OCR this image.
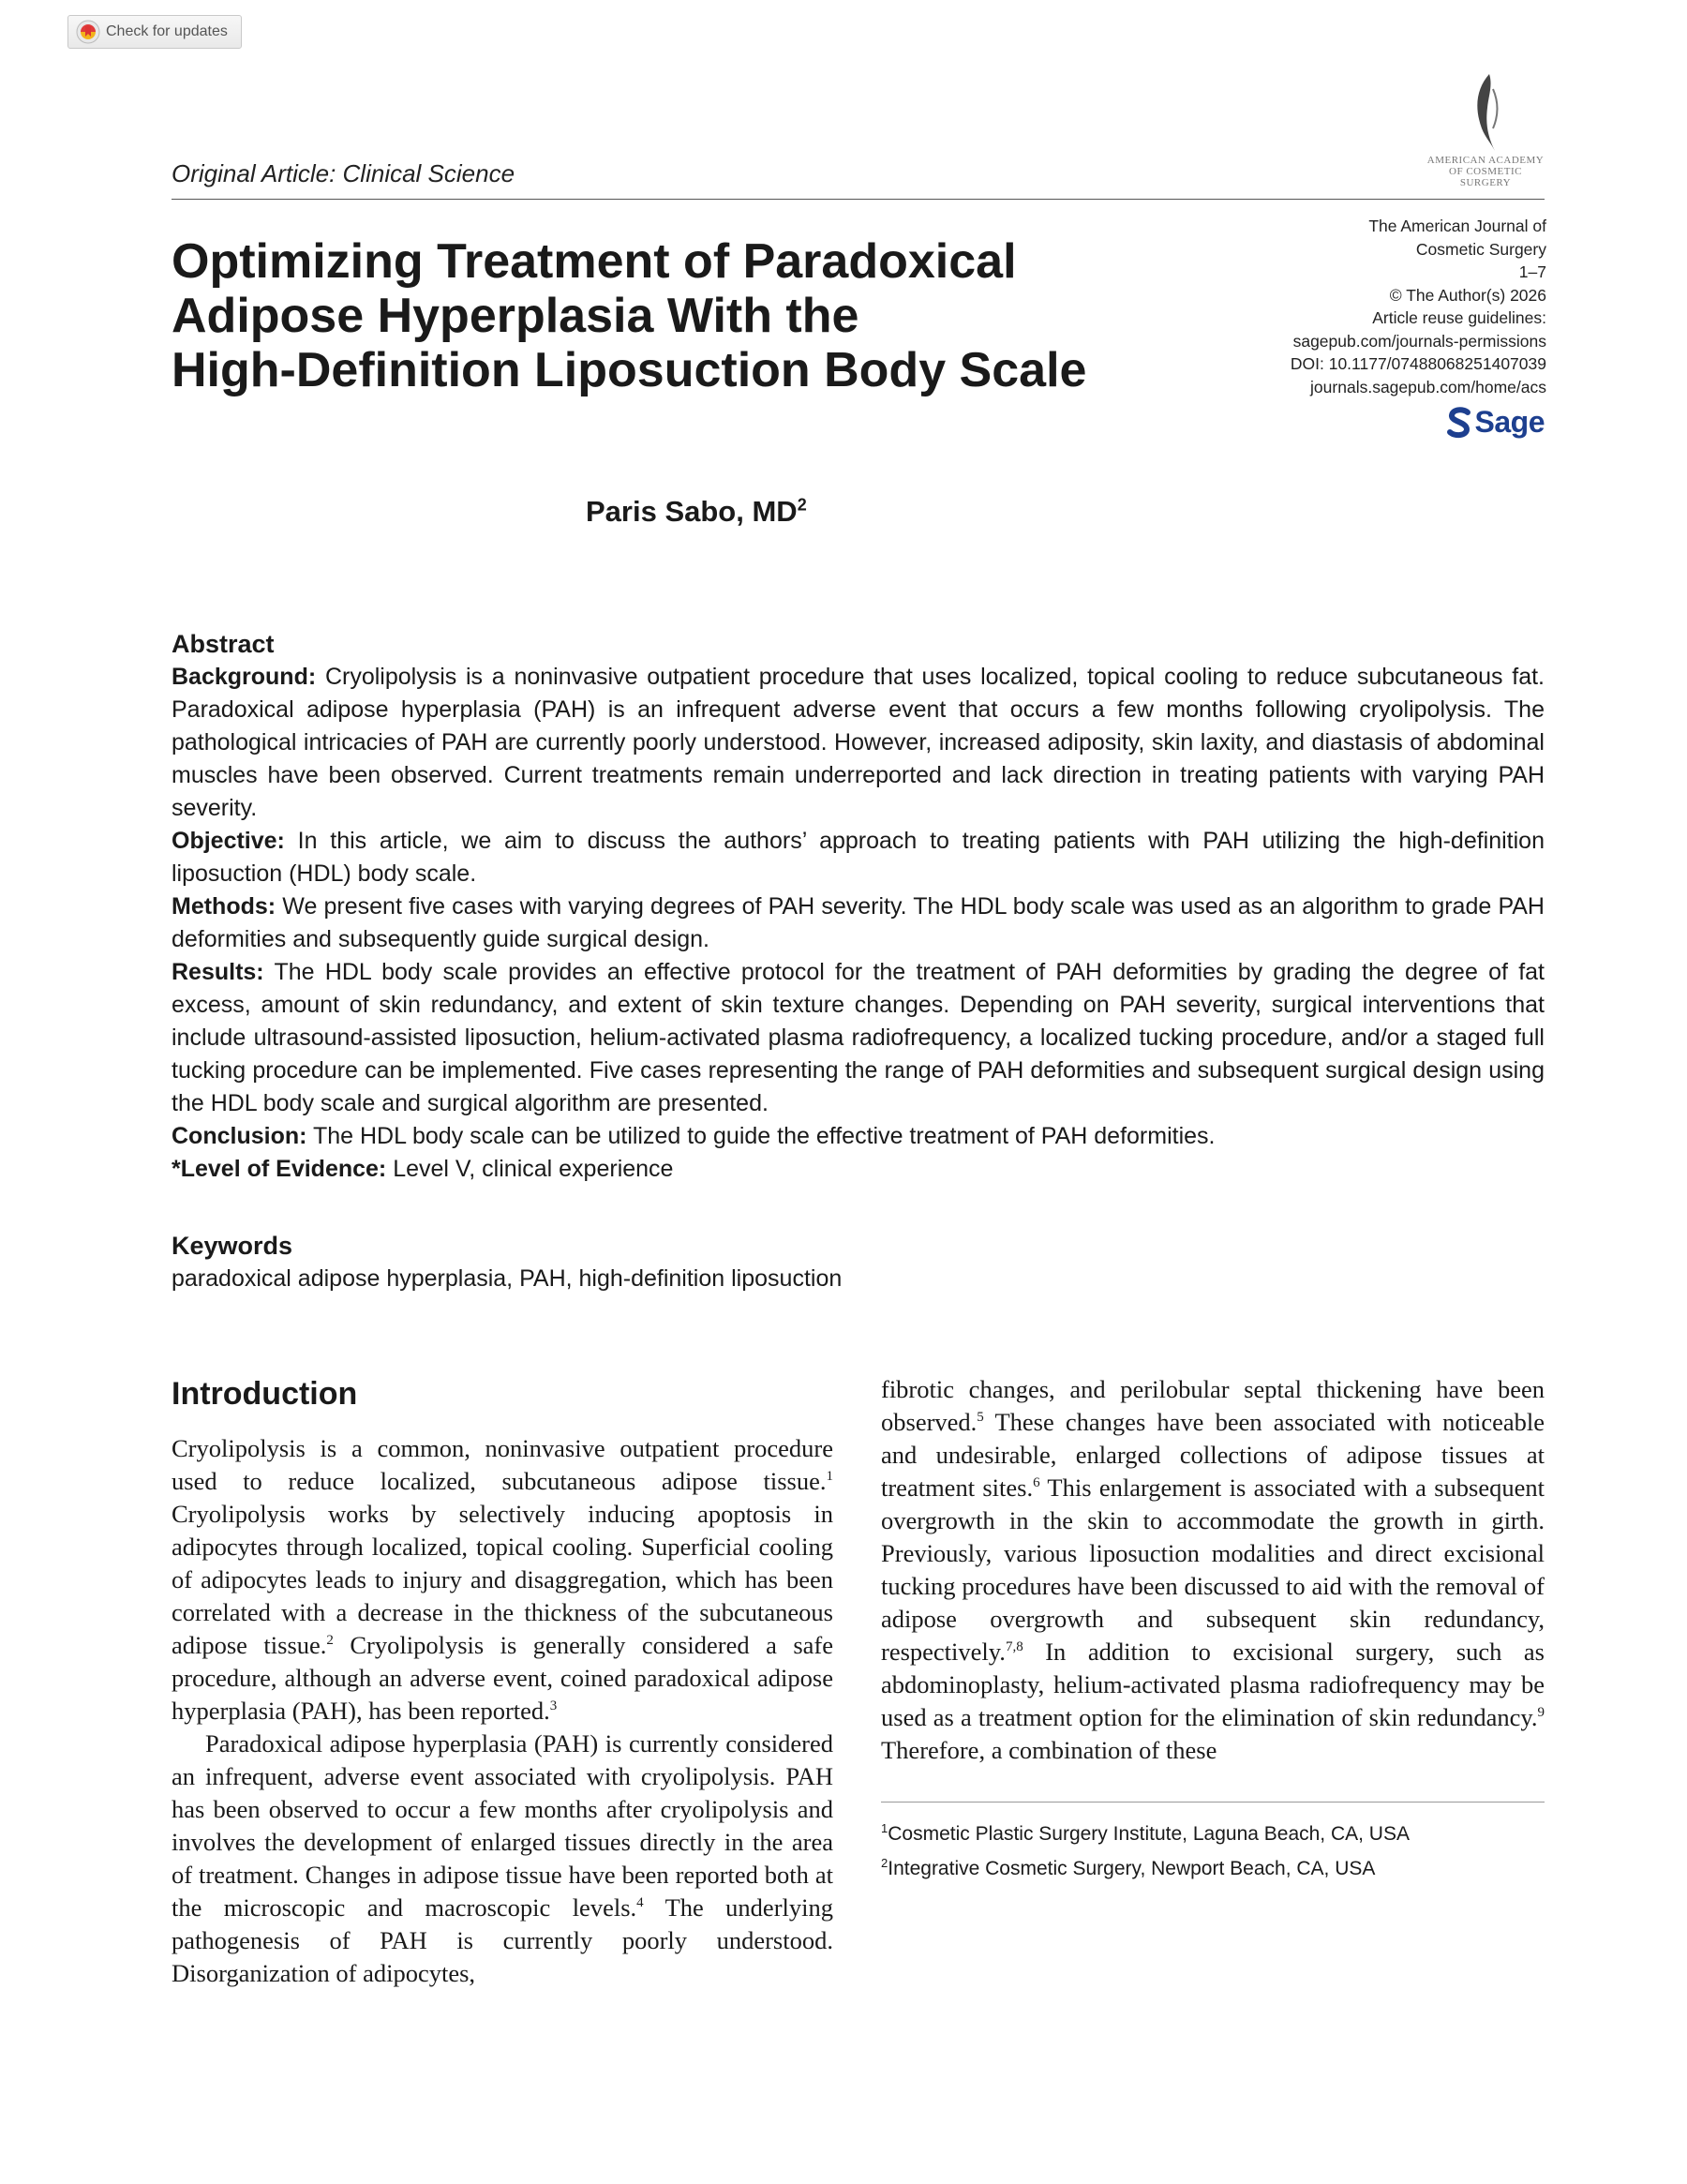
Check for updates
Original Article: Clinical Science	AMERICAN ACADEMY
OF COSMETIC SURGERY
Optimizing Treatment of Paradoxical
Adipose Hyperplasia With the
High-Definition Liposuction Body Scale
The American Journal of
Cosmetic Surgery
1–7
© The Author(s) 2026
Article reuse guidelines:
sagepub.com/journals-permissions
DOI: 10.1177/07488068251407039
journals.sagepub.com/home/acs
Sage
Paris Sabo, $MD^2$
Abstract

Background: Cryolipolysis is a noninvasive outpatient procedure that uses localized, topical cooling to reduce subcutaneous fat. Paradoxical adipose hyperplasia (PAH) is an infrequent adverse event that occurs a few months following cryolipolysis. The pathological intricacies of PAH are currently poorly understood. However, increased adiposity, skin laxity, and diastasis of abdominal muscles have been observed. Current treatments remain underreported and lack direction in treating patients with varying PAH severity.

Objective: In this article, we aim to discuss the authors’ approach to treating patients with PAH utilizing the high-definition liposuction (HDL) body scale.

Methods: We present five cases with varying degrees of PAH severity. The HDL body scale was used as an algorithm to grade PAH deformities and subsequently guide surgical design.

Results: The HDL body scale provides an effective protocol for the treatment of PAH deformities by grading the degree of fat excess, amount of skin redundancy, and extent of skin texture changes. Depending on PAH severity, surgical interventions that include ultrasound-assisted liposuction, helium-activated plasma radiofrequency, a localized tucking procedure, and/or a staged full tucking procedure can be implemented. Five cases representing the range of PAH deformities and subsequent surgical design using the HDL body scale and surgical algorithm are presented.

Conclusion: The HDL body scale can be utilized to guide the effective treatment of PAH deformities.

*Level of Evidence: Level V, clinical experience

Keywords
paradoxical adipose hyperplasia, PAH, high-definition liposuction
Introduction

Cryolipolysis is a common, noninvasive outpatient procedure used to reduce localized, subcutaneous adipose tissue.$^1$ Cryolipolysis works by selectively inducing apoptosis in adipocytes through localized, topical cooling. Superficial cooling of adipocytes leads to injury and disaggregation, which has been correlated with a decrease in the thickness of the subcutaneous adipose tissue.$^2$ Cryolipolysis is generally considered a safe procedure, although an adverse event, coined paradoxical adipose hyperplasia (PAH), has been reported.$^3$

Paradoxical adipose hyperplasia (PAH) is currently considered an infrequent, adverse event associated with cryolipolysis. PAH has been observed to occur a few months after cryolipolysis and involves the development of enlarged tissues directly in the area of treatment. Changes in adipose tissue have been reported both at the microscopic and macroscopic levels.$^4$ The underlying pathogenesis of PAH is currently poorly understood. Disorganization of adipocytes,

fibrotic changes, and perilobular septal thickening have been observed.$^5$ These changes have been associated with noticeable and undesirable, enlarged collections of adipose tissues at treatment sites.$^6$ This enlargement is associated with a subsequent overgrowth in the skin to accommodate the growth in girth. Previously, various liposuction modalities and direct excisional tucking procedures have been discussed to aid with the removal of adipose overgrowth and subsequent skin redundancy, respectively.$^{7,8}$ In addition to excisional surgery, such as abdominoplasty, helium-activated plasma radiofrequency may be used as a treatment option for the elimination of skin redundancy.$^9$ Therefore, a combination of these

$^1$Cosmetic Plastic Surgery Institute, Laguna Beach, CA, USA
$^2$Integrative Cosmetic Surgery, Newport Beach, CA, USA
